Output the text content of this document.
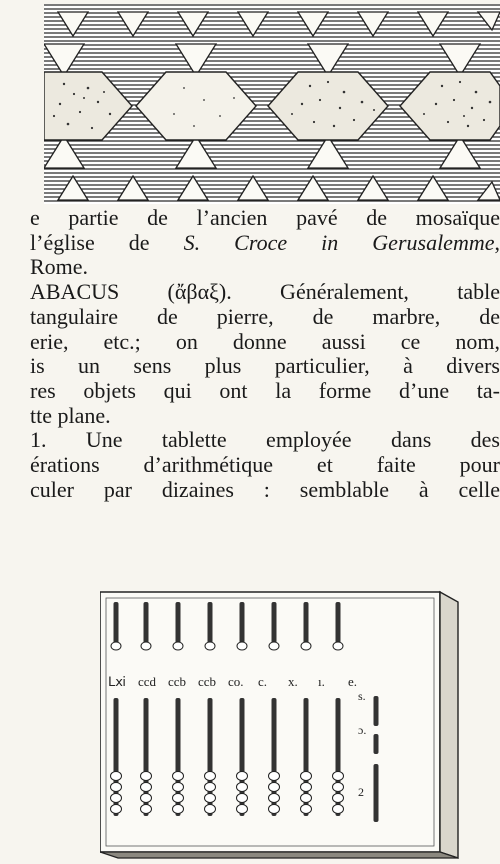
e partie de l’ancien pavé de mosaïque
l’église de S. Croce in Gerusalemme,
Rome.
ABACUS (ἄβαξ). Généralement, table
tangulaire de pierre, de marbre, de
erie, etc.; on donne aussi ce nom,
is un sens plus particulier, à divers
res objets qui ont la forme d’une ta-
tte plane.
1. Une tablette employée dans des
érations d’arithmétique et faite pour
culer par dizaines : semblable à celle
Ⅼⅺ ccd ccb ccb co. c. x. ı. e.
s.
ɔ.
2
